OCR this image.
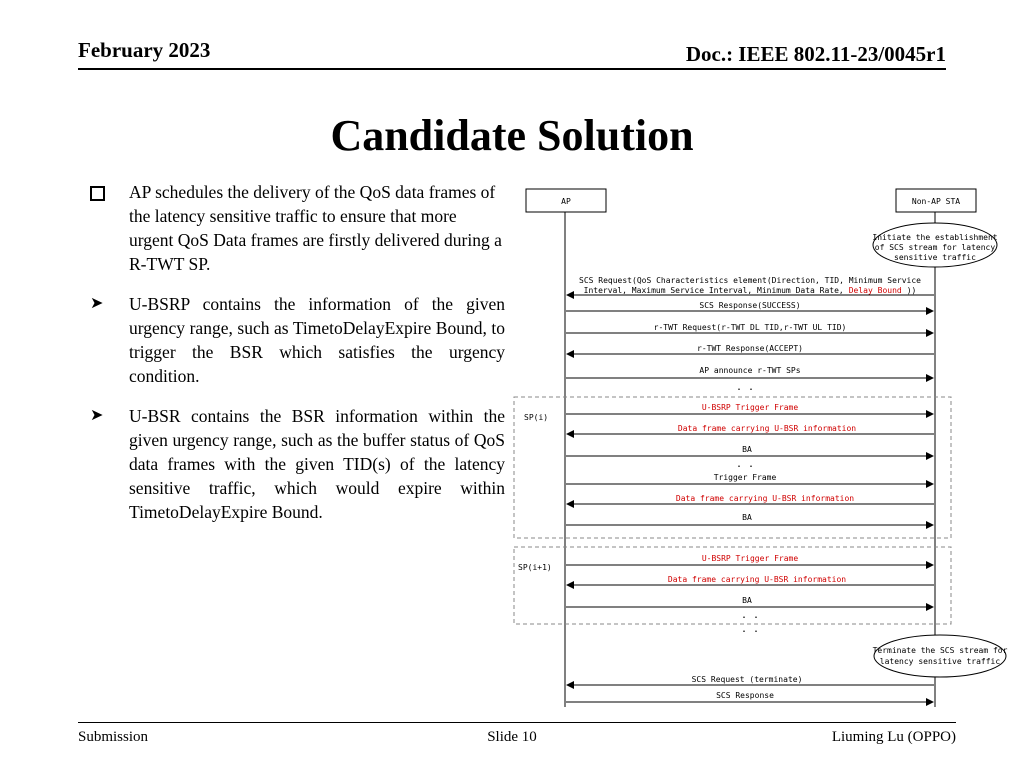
February 2023	Doc.: IEEE 802.11-23/0045r1
Candidate Solution
AP schedules the delivery of the QoS data frames of the latency sensitive traffic to ensure that more urgent QoS Data frames are firstly delivered during a R-TWT SP.
➤ U-BSRP contains the information of the given urgency range, such as TimetoDelayExpire Bound, to trigger the BSR which satisfies the urgency condition.
➤ U-BSR contains the BSR information within the given urgency range, such as the buffer status of QoS data frames with the given TID(s) of the latency sensitive traffic, which would expire within TimetoDelayExpire Bound.
AP	Non-AP STA
Initiate the establishment
of SCS stream for latency
sensitive traffic
SCS Request(QoS Characteristics element(Direction, TID, Minimum Service
Interval, Maximum Service Interval, Minimum Data Rate, Delay Bound ))
SCS Response(SUCCESS)
r-TWT Request(r-TWT DL TID,r-TWT UL TID)
r-TWT Response(ACCEPT)
AP announce r-TWT SPs
. .
SP(i)
U-BSRP Trigger Frame
Data frame carrying U-BSR information
BA
. .
Trigger Frame
Data frame carrying U-BSR information
BA
SP(i+1)
U-BSRP Trigger Frame
Data frame carrying U-BSR information
BA
. .
. .
Terminate the SCS stream for
latency sensitive traffic
SCS Request (terminate)
SCS Response
Submission	Slide 10	Liuming Lu (OPPO)
